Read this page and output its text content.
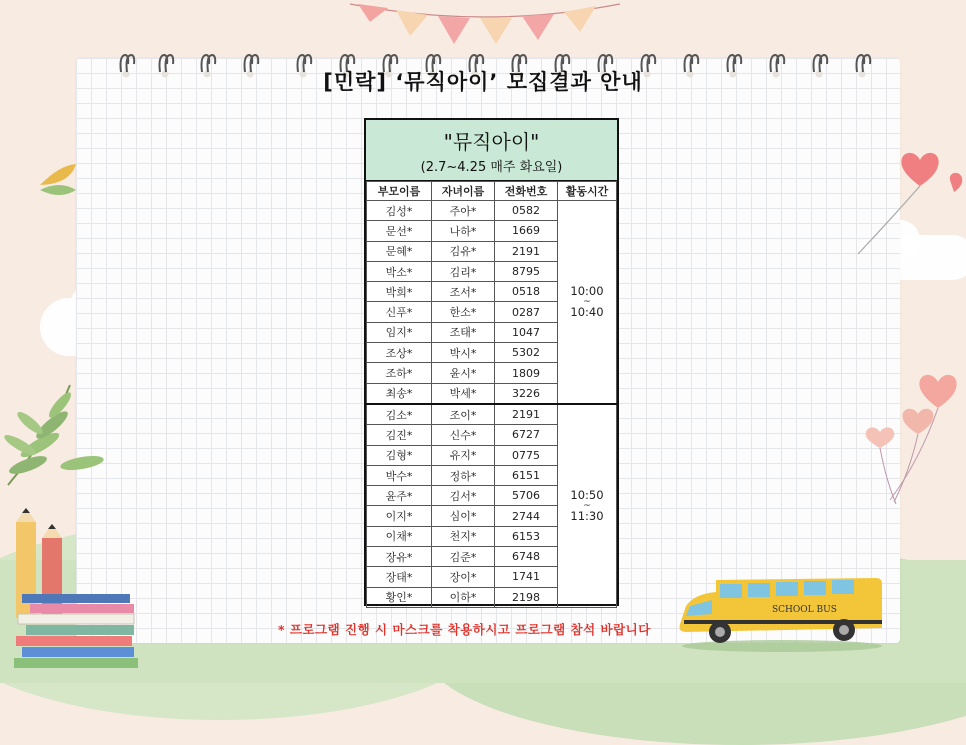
[민락] ‘뮤직아이’ 모집결과 안내
"뮤직아이"
(2.7~4.25 매주 화요일)
부모이름	자녀이름	전화번호	활동시간
김성*	주아*	0582	10:00
~
10:40

문선*	나하*	1669	
문혜*	김유*	2191	
박소*	김리*	8795	
박희*	조서*	0518	
신푸*	한소*	0287	
임지*	조태*	1047	
조상*	박시*	5302	
조하*	윤시*	1809	
최송*	박세*	3226	
김소*	조이*	2191	10:50
~
11:30

김진*	신수*	6727	
김형*	유지*	0775	
박수*	정하*	6151	
윤주*	김서*	5706	
이지*	심이*	2744	
이채*	천지*	6153	
장유*	김준*	6748	
장태*	장이*	1741	
황인*	이하*	2198	
* 프로그램 진행 시 마스크를 착용하시고 프로그램 참석 바랍니다
SCHOOL BUS
